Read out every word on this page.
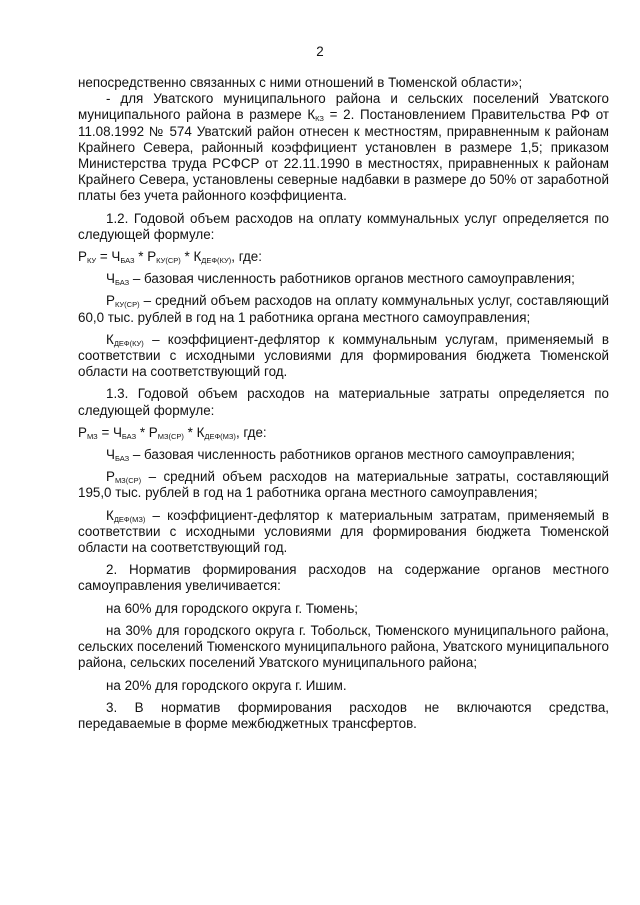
2

непосредственно связанных с ними отношений в Тюменской области»;

- для Уватского муниципального района и сельских поселений Уватского муниципального района в размере $К_{КЗ} = 2$. Постановлением Правительства РФ от 11.08.1992 № 574 Уватский район отнесен к местностям, приравненным к районам Крайнего Севера, районный коэффициент установлен в размере 1,5; приказом Министерства труда РСФСР от 22.11.1990 в местностях, приравненных к районам Крайнего Севера, установлены северные надбавки в размере до 50% от заработной платы без учета районного коэффициента.

1.2. Годовой объем расходов на оплату коммунальных услуг определяется по следующей формуле:

$Р_{КУ} = Ч_{БАЗ} * Р_{КУ(СР)} * К_{ДЕФ(КУ)}$, где:

$Ч_{БАЗ}$ – базовая численность работников органов местного самоуправления;

$Р_{КУ(СР)}$ – средний объем расходов на оплату коммунальных услуг, составляющий 60,0 тыс. рублей в год на 1 работника органа местного самоуправления;

$К_{ДЕФ(КУ)}$ – коэффициент-дефлятор к коммунальным услугам, применяемый в соответствии с исходными условиями для формирования бюджета Тюменской области на соответствующий год.

1.3. Годовой объем расходов на материальные затраты определяется по следующей формуле:

$Р_{МЗ} = Ч_{БАЗ} * Р_{МЗ(СР)} * К_{ДЕФ(МЗ)}$, где:

$Ч_{БАЗ}$ – базовая численность работников органов местного самоуправления;

$Р_{МЗ(СР)}$ – средний объем расходов на материальные затраты, составляющий 195,0 тыс. рублей в год на 1 работника органа местного самоуправления;

$К_{ДЕФ(МЗ)}$ – коэффициент-дефлятор к материальным затратам, применяемый в соответствии с исходными условиями для формирования бюджета Тюменской области на соответствующий год.

2. Норматив формирования расходов на содержание органов местного самоуправления увеличивается:

на 60% для городского округа г. Тюмень;

на 30% для городского округа г. Тобольск, Тюменского муниципального района, сельских поселений Тюменского муниципального района, Уватского муниципального района, сельских поселений Уватского муниципального района;

на 20% для городского округа г. Ишим.

3. В норматив формирования расходов не включаются средства, передаваемые в форме межбюджетных трансфертов.
